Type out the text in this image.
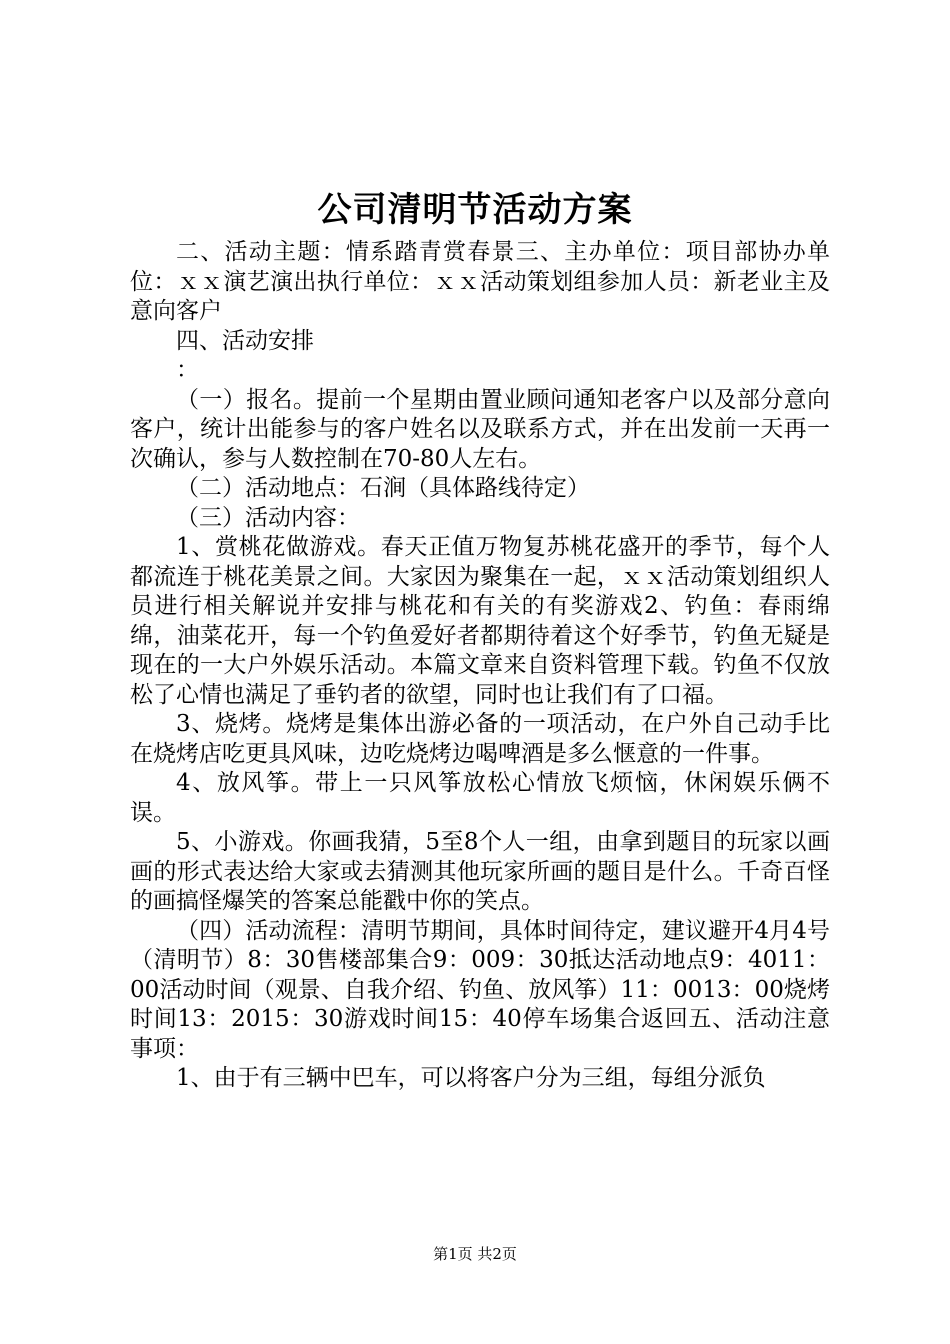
公司清明节活动方案

二、活动主题：情系踏青赏春景三、主办单位：项目部协办单位：ｘｘ演艺演出执行单位：ｘｘ活动策划组参加人员：新老业主及意向客户

四、活动安排

：

（一）报名。提前一个星期由置业顾问通知老客户以及部分意向客户，统计出能参与的客户姓名以及联系方式，并在出发前一天再一次确认，参与人数控制在70-80人左右。

（二）活动地点：石涧（具体路线待定）

（三）活动内容：

1、赏桃花做游戏。春天正值万物复苏桃花盛开的季节，每个人都流连于桃花美景之间。大家因为聚集在一起，ｘｘ活动策划组织人员进行相关解说并安排与桃花和有关的有奖游戏2、钓鱼：春雨绵绵，油菜花开，每一个钓鱼爱好者都期待着这个好季节，钓鱼无疑是现在的一大户外娱乐活动。本篇文章来自资料管理下载。钓鱼不仅放松了心情也满足了垂钓者的欲望，同时也让我们有了口福。

3、烧烤。烧烤是集体出游必备的一项活动，在户外自己动手比在烧烤店吃更具风味，边吃烧烤边喝啤酒是多么惬意的一件事。

4、放风筝。带上一只风筝放松心情放飞烦恼，休闲娱乐俩不误。

5、小游戏。你画我猜，5至8个人一组，由拿到题目的玩家以画画的形式表达给大家或去猜测其他玩家所画的题目是什么。千奇百怪的画搞怪爆笑的答案总能戳中你的笑点。

（四）活动流程：清明节期间，具体时间待定，建议避开4月4号（清明节）8：30售楼部集合9：009：30抵达活动地点9：4011：00活动时间（观景、自我介绍、钓鱼、放风筝）11：0013：00烧烤时间13：2015：30游戏时间15：40停车场集合返回五、活动注意事项：

1、由于有三辆中巴车，可以将客户分为三组，每组分派负

第1页 共2页
